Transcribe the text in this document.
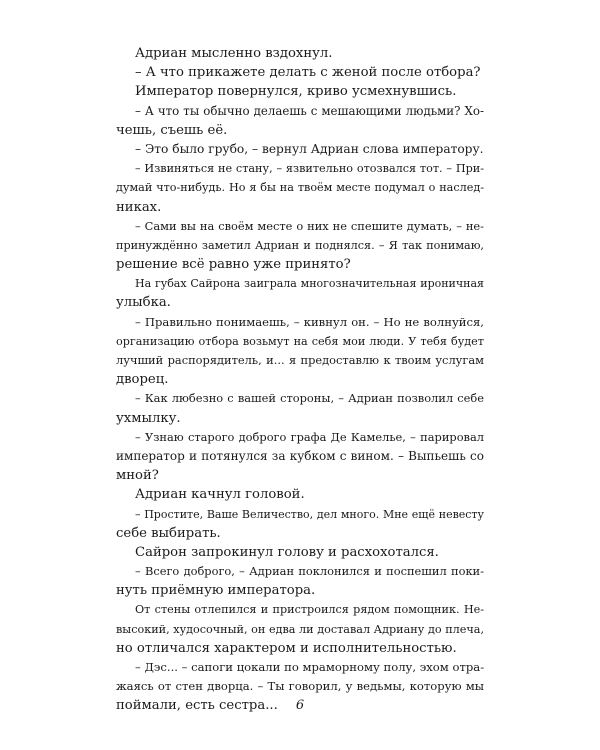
Адриан мысленно вздохнул.
– А что прикажете делать с женой после отбора?
Император повернулся, криво усмехнувшись.
– А что ты обычно делаешь с мешающими людьми? Хо-
чешь, съешь её.
– Это было грубо, – вернул Адриан слова императору.
– Извиняться не стану, – язвительно отозвался тот. – При-
думай что-нибудь. Но я бы на твоём месте подумал о наслед-
никах.
– Сами вы на своём месте о них не спешите думать, – не-
принуждённо заметил Адриан и поднялся. – Я так понимаю,
решение всё равно уже принято?
На губах Сайрона заиграла многозначительная ироничная
улыбка.
– Правильно понимаешь, – кивнул он. – Но не волнуйся,
организацию отбора возьмут на себя мои люди. У тебя будет
лучший распорядитель, и... я предоставлю к твоим услугам
дворец.
– Как любезно с вашей стороны, – Адриан позволил себе
ухмылку.
– Узнаю старого доброго графа Де Камелье, – парировал
император и потянулся за кубком с вином. – Выпьешь со
мной?
Адриан качнул головой.
– Простите, Ваше Величество, дел много. Мне ещё невесту
себе выбирать.
Сайрон запрокинул голову и расхохотался.
– Всего доброго, – Адриан поклонился и поспешил поки-
нуть приёмную императора.
От стены отлепился и пристроился рядом помощник. Не-
высокий, худосочный, он едва ли доставал Адриану до плеча,
но отличался характером и исполнительностью.
– Дэс... – сапоги цокали по мраморному полу, эхом отра-
жаясь от стен дворца. – Ты говорил, у ведьмы, которую мы
поймали, есть сестра...	6
